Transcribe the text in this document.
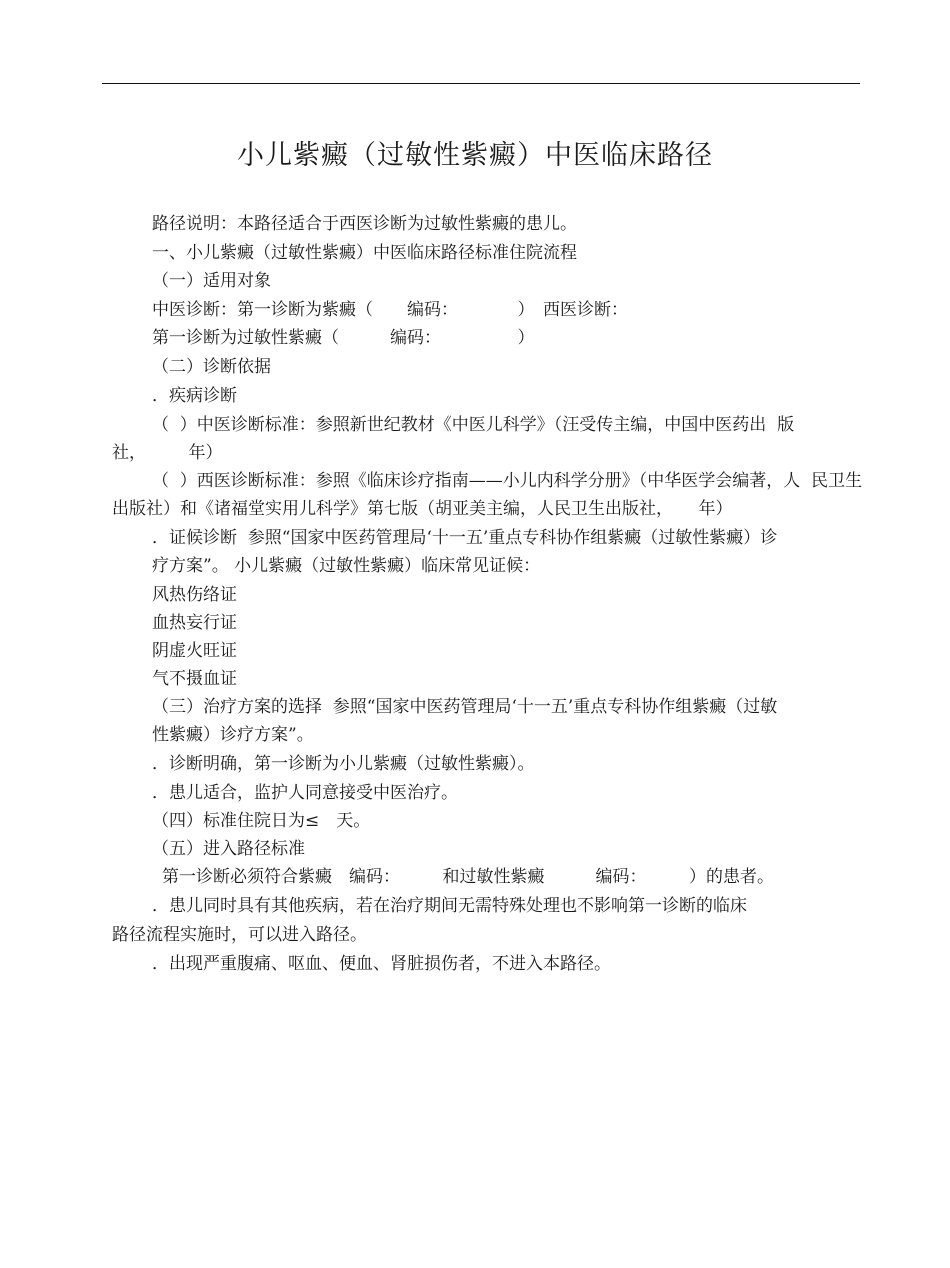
小儿紫癜（过敏性紫癜）中医临床路径
路径说明：本路径适合于西医诊断为过敏性紫癜的患儿。
一、小儿紫癜（过敏性紫癜）中医临床路径标准住院流程
（一）适用对象
中医诊断：第一诊断为紫癜（　　编码：　　　　）　西医诊断：
第一诊断为过敏性紫癜（　　　编码：　　　　　）
（二）诊断依据
．疾病诊断
（  ）中医诊断标准：参照新世纪教材《中医儿科学》（汪受传主编，中国中医药出  版
社，　　　年）
（  ）西医诊断标准：参照《临床诊疗指南——小儿内科学分册》（中华医学会编著，人  民卫生
出版社）和《诸福堂实用儿科学》第七版（胡亚美主编，人民卫生出版社，　　年）
．证候诊断  参照“国家中医药管理局‘十一五’重点专科协作组紫癜（过敏性紫癜）诊
疗方案”。 小儿紫癜（过敏性紫癜）临床常见证候：
风热伤络证
血热妄行证
阴虚火旺证
气不摄血证
（三）治疗方案的选择  参照“国家中医药管理局‘十一五’重点专科协作组紫癜（过敏
性紫癜）诊疗方案”。
．诊断明确，第一诊断为小儿紫癜（过敏性紫癜）。
．患儿适合，监护人同意接受中医治疗。
（四）标准住院日为≤　天。
（五）进入路径标准
第一诊断必须符合紫癜　编码：　　　和过敏性紫癜　　　编码：　　　）的患者。
．患儿同时具有其他疾病，若在治疗期间无需特殊处理也不影响第一诊断的临床
路径流程实施时，可以进入路径。
．出现严重腹痛、呕血、便血、肾脏损伤者，不进入本路径。
